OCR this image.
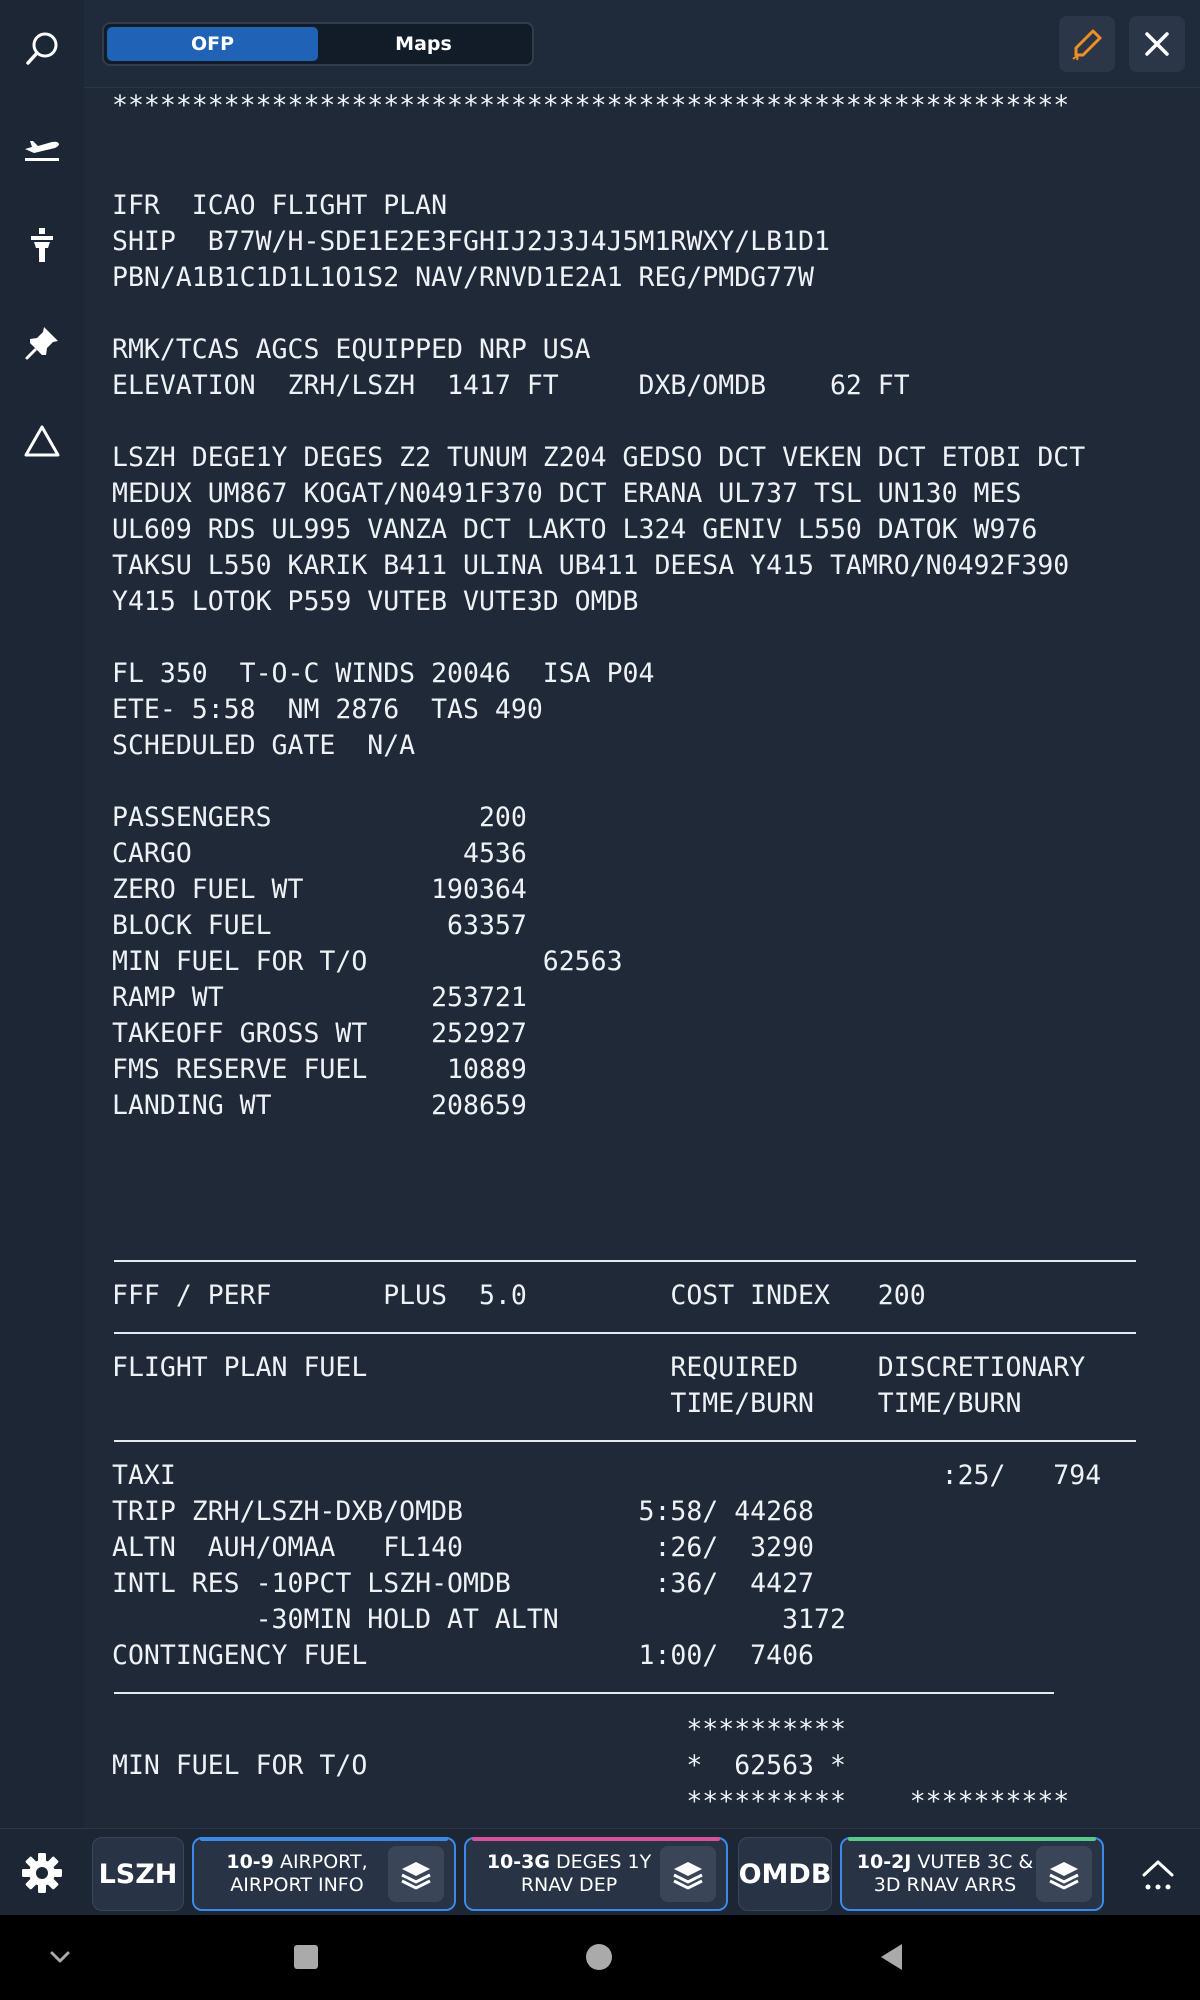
OFP	Maps
************************************************************
IFR  ICAO FLIGHT PLAN
SHIP  B77W/H-SDE1E2E3FGHIJ2J3J4J5M1RWXY/LB1D1
PBN/A1B1C1D1L1O1S2 NAV/RNVD1E2A1 REG/PMDG77W

RMK/TCAS AGCS EQUIPPED NRP USA
ELEVATION  ZRH/LSZH  1417 FT     DXB/OMDB    62 FT

LSZH DEGE1Y DEGES Z2 TUNUM Z204 GEDSO DCT VEKEN DCT ETOBI DCT
MEDUX UM867 KOGAT/N0491F370 DCT ERANA UL737 TSL UN130 MES
UL609 RDS UL995 VANZA DCT LAKTO L324 GENIV L550 DATOK W976
TAKSU L550 KARIK B411 ULINA UB411 DEESA Y415 TAMRO/N0492F390
Y415 LOTOK P559 VUTEB VUTE3D OMDB

FL 350  T-O-C WINDS 20046  ISA P04
ETE- 5:58  NM 2876  TAS 490
SCHEDULED GATE  N/A

PASSENGERS             200
CARGO                 4536
ZERO FUEL WT        190364
BLOCK FUEL           63357
MIN FUEL FOR T/O           62563
RAMP WT             253721
TAKEOFF GROSS WT    252927
FMS RESERVE FUEL     10889
LANDING WT          208659
FFF / PERF       PLUS  5.0         COST INDEX   200
FLIGHT PLAN FUEL                   REQUIRED     DISCRETIONARY
TIME/BURN    TIME/BURN
TAXI                                                :25/   794
TRIP ZRH/LSZH-DXB/OMDB           5:58/ 44268
ALTN  AUH/OMAA   FL140            :26/  3290
INTL RES -10PCT LSZH-OMDB         :36/  4427
-30MIN HOLD AT ALTN              3172
CONTINGENCY FUEL                 1:00/  7406
**********
MIN FUEL FOR T/O                    *  62563 *
**********    **********
LSZH	10-9 AIRPORT,
AIRPORT INFO
10-3G DEGES 1Y
RNAV DEP	OMDB 10-2J VUTEB 3C &
3D RNAV ARRS
